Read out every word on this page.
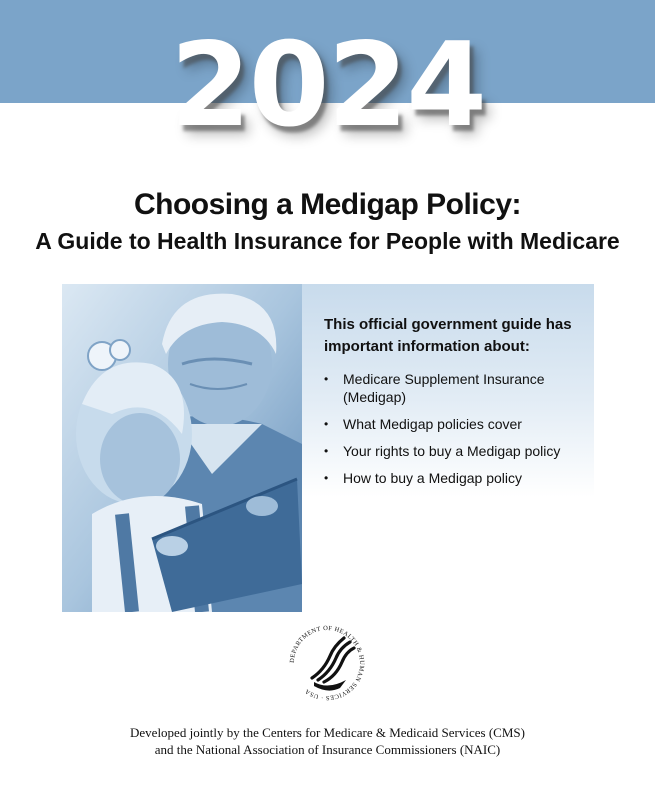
2024
Choosing a Medigap Policy:
A Guide to Health Insurance for People with Medicare
This official government guide has
important information about:
• Medicare Supplement Insurance
(Medigap)
• What Medigap policies cover
• Your rights to buy a Medigap policy
• How to buy a Medigap policy
DEPARTMENT OF HEALTH & HUMAN SERVICES · USA
Developed jointly by the Centers for Medicare & Medicaid Services (CMS)
and the National Association of Insurance Commissioners (NAIC)
